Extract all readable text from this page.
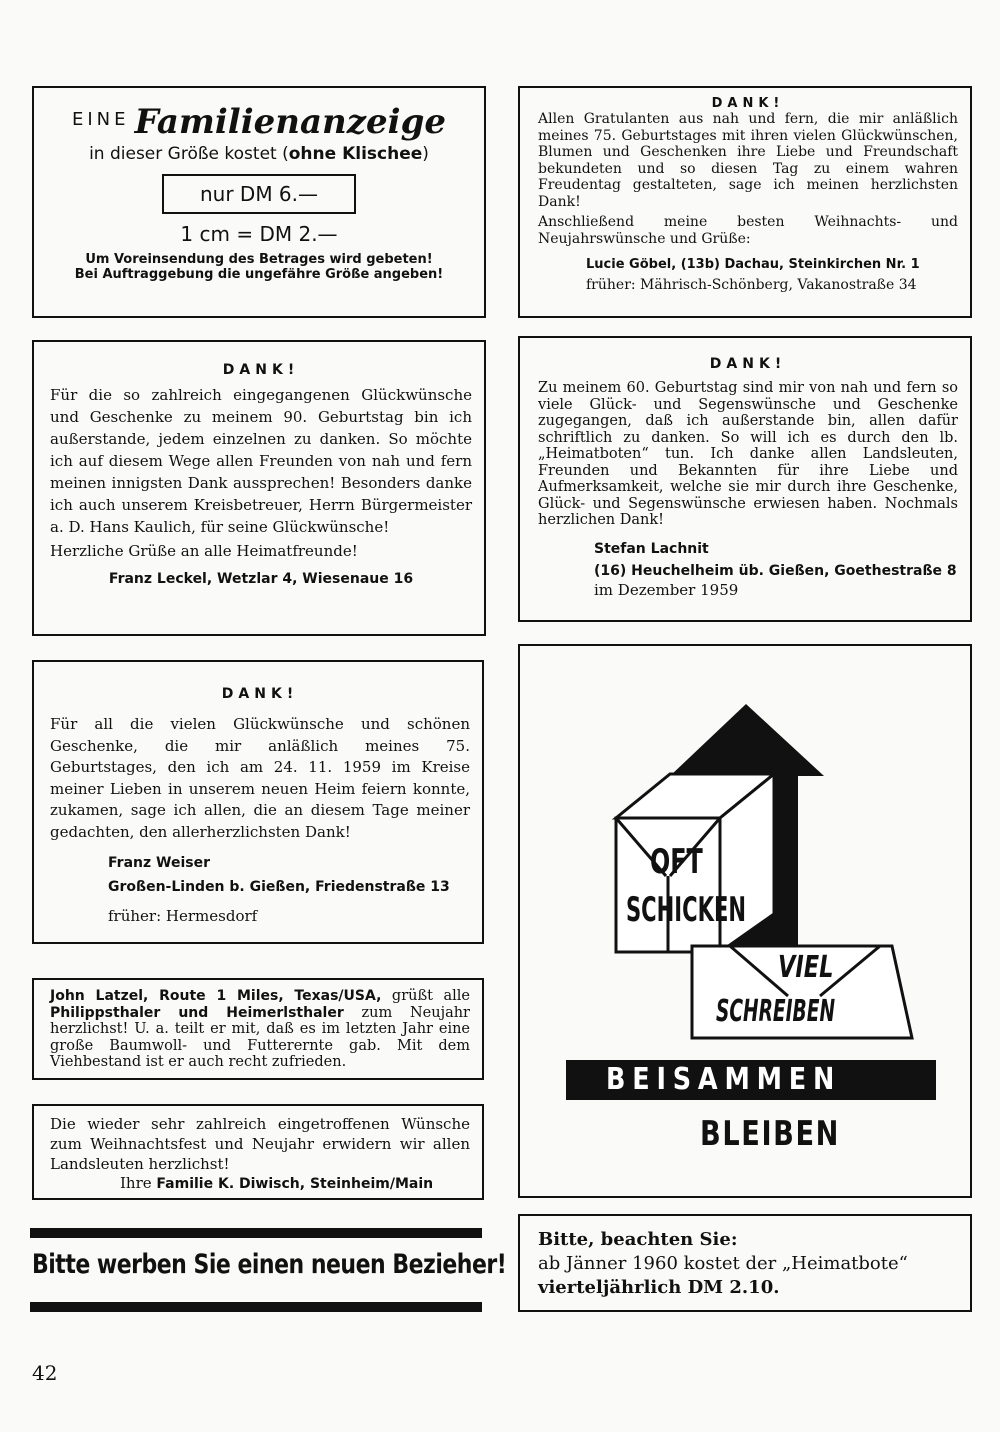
EINE Familienanzeige
in dieser Größe kostet (ohne Klischee)
nur DM 6.—
1 cm = DM 2.—
Um Voreinsendung des Betrages wird gebeten!
Bei Auftraggebung die ungefähre Größe angeben!
DANK!

Allen Gratulanten aus nah und fern, die mir anläßlich meines 75. Geburtstages mit ihren vielen Glückwünschen, Blumen und Geschenken ihre Liebe und Freundschaft bekundeten und so diesen Tag zu einem wahren Freudentag gestalteten, sage ich meinen herzlichsten Dank!

Anschließend meine besten Weihnachts- und Neujahrswünsche und Grüße:

Lucie Göbel, (13b) Dachau, Steinkirchen Nr. 1

früher: Mährisch-Schönberg, Vakanostraße 34

DANK!

Für die so zahlreich eingegangenen Glückwünsche und Geschenke zu meinem 90. Geburtstag bin ich außerstande, jedem einzelnen zu danken. So möchte ich auf diesem Wege allen Freunden von nah und fern meinen innigsten Dank aussprechen! Besonders danke ich auch unserem Kreisbetreuer, Herrn Bürgermeister a. D. Hans Kaulich, für seine Glückwünsche!

Herzliche Grüße an alle Heimatfreunde!

Franz Leckel, Wetzlar 4, Wiesenaue 16

DANK!

Zu meinem 60. Geburtstag sind mir von nah und fern so viele Glück- und Segenswünsche und Geschenke zugegangen, daß ich außerstande bin, allen dafür schriftlich zu danken. So will ich es durch den lb. „Heimatboten“ tun. Ich danke allen Landsleuten, Freunden und Bekannten für ihre Liebe und Aufmerksamkeit, welche sie mir durch ihre Geschenke, Glück- und Segenswünsche erwiesen haben. Nochmals herzlichen Dank!

Stefan Lachnit

(16) Heuchelheim üb. Gießen, Goethestraße 8

im Dezember 1959

DANK!

Für all die vielen Glückwünsche und schönen Geschenke, die mir anläßlich meines 75. Geburtstages, den ich am 24. 11. 1959 im Kreise meiner Lieben in unserem neuen Heim feiern konnte, zukamen, sage ich allen, die an diesem Tage meiner gedachten, den allerherzlichsten Dank!

Franz Weiser

Großen-Linden b. Gießen, Friedenstraße 13

früher: Hermesdorf

John Latzel, Route 1 Miles, Texas/USA, grüßt alle Philippsthaler und Heimerlsthaler zum Neujahr herzlichst! U. a. teilt er mit, daß es im letzten Jahr eine große Baumwoll- und Futterernte gab. Mit dem Viehbestand ist er auch recht zufrieden.

Die wieder sehr zahlreich eingetroffenen Wünsche zum Weihnachtsfest und Neujahr erwidern wir allen Landsleuten herzlichst!

Ihre Familie K. Diwisch, Steinheim/Main

Bitte werben Sie einen neuen Bezieher!
OFT
SCHICKEN
VIEL
SCHREIBEN
BEISAMMEN
BLEIBEN

Bitte, beachten Sie:

ab Jänner 1960 kostet der „Heimatbote“

vierteljährlich DM 2.10.

42
